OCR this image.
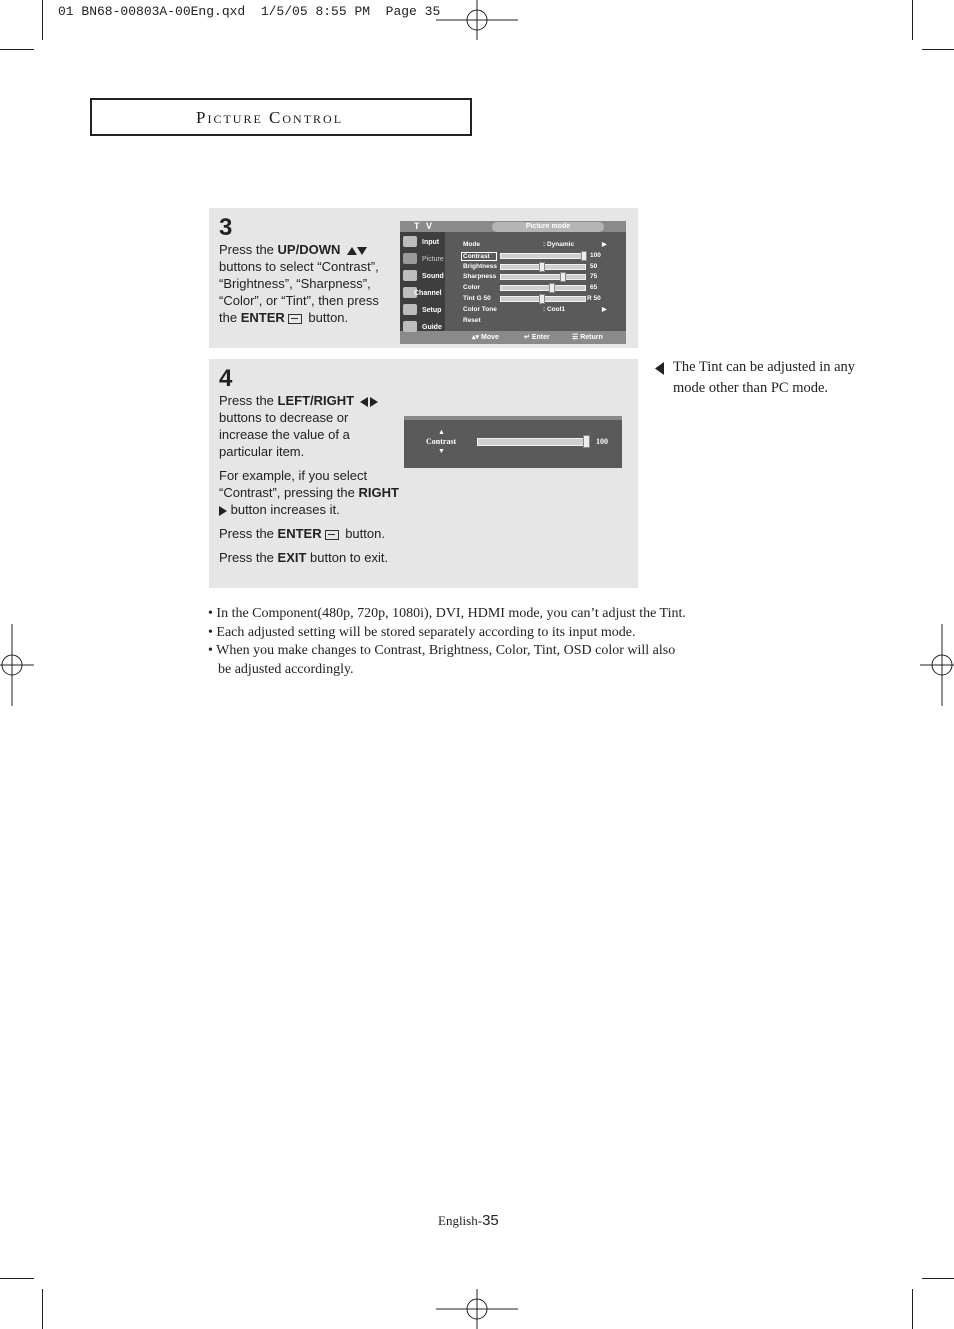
01 BN68-00803A-00Eng.qxd  1/5/05 8:55 PM  Page 35
Picture Control
3
Press the UP/DOWN  buttons to select “Contrast”, “Brightness”, “Sharpness”, “Color”, or “Tint”, then press the ENTER button.
T V	Picture mode
▴▾ Move	↵ Enter	☰ Return
Input
Picture
Sound
Channel
Setup
Guide
Mode	: Dynamic	▶
Contrast	100
Brightness	50
Sharpness	75
Color	65
Tint G 50	R 50
Color Tone	: Cool1	▶
Reset
4

Press the LEFT/RIGHT  buttons to decrease or increase the value of a particular item.

For example, if you select “Contrast”, pressing the RIGHT  button increases it.

Press the ENTER button.

Press the EXIT button to exit.

▲
Contrast
▼
100
The Tint can be adjusted in any mode other than PC mode.
• In the Component(480p, 720p, 1080i), DVI, HDMI mode, you can’t adjust the Tint.
• Each adjusted setting will be stored separately according to its input mode.
• When you make changes to Contrast, Brightness, Color, Tint, OSD color will also
be adjusted accordingly.
English-35
